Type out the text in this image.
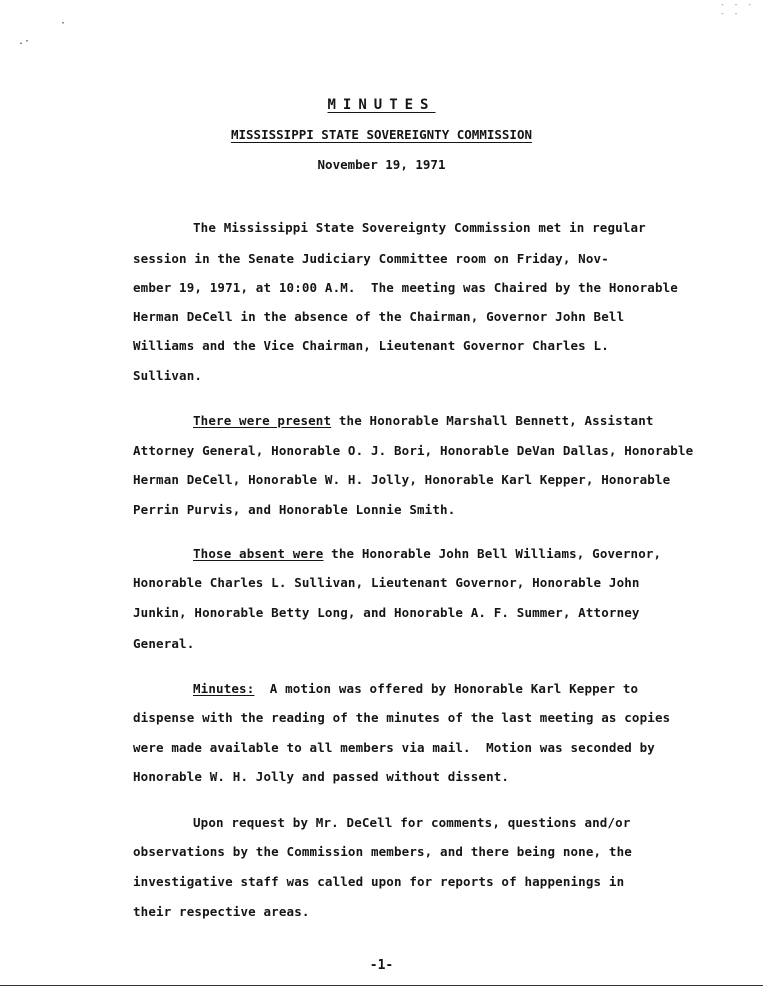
- - - - -
·
.·
MINUTES
MISSISSIPPI STATE SOVEREIGNTY COMMISSION
November 19, 1971
The Mississippi State Sovereignty Commission met in regular
session in the Senate Judiciary Committee room on Friday, Nov-
ember 19, 1971, at 10:00 A.M.  The meeting was Chaired by the Honorable
Herman DeCell in the absence of the Chairman, Governor John Bell
Williams and the Vice Chairman, Lieutenant Governor Charles L.
Sullivan.
There were present the Honorable Marshall Bennett, Assistant
Attorney General, Honorable O. J. Bori, Honorable DeVan Dallas, Honorable
Herman DeCell, Honorable W. H. Jolly, Honorable Karl Kepper, Honorable
Perrin Purvis, and Honorable Lonnie Smith.
Those absent were the Honorable John Bell Williams, Governor,
Honorable Charles L. Sullivan, Lieutenant Governor, Honorable John
Junkin, Honorable Betty Long, and Honorable A. F. Summer, Attorney
General.
Minutes:  A motion was offered by Honorable Karl Kepper to
dispense with the reading of the minutes of the last meeting as copies
were made available to all members via mail.  Motion was seconded by
Honorable W. H. Jolly and passed without dissent.
Upon request by Mr. DeCell for comments, questions and/or
observations by the Commission members, and there being none, the
investigative staff was called upon for reports of happenings in
their respective areas.
-1-
